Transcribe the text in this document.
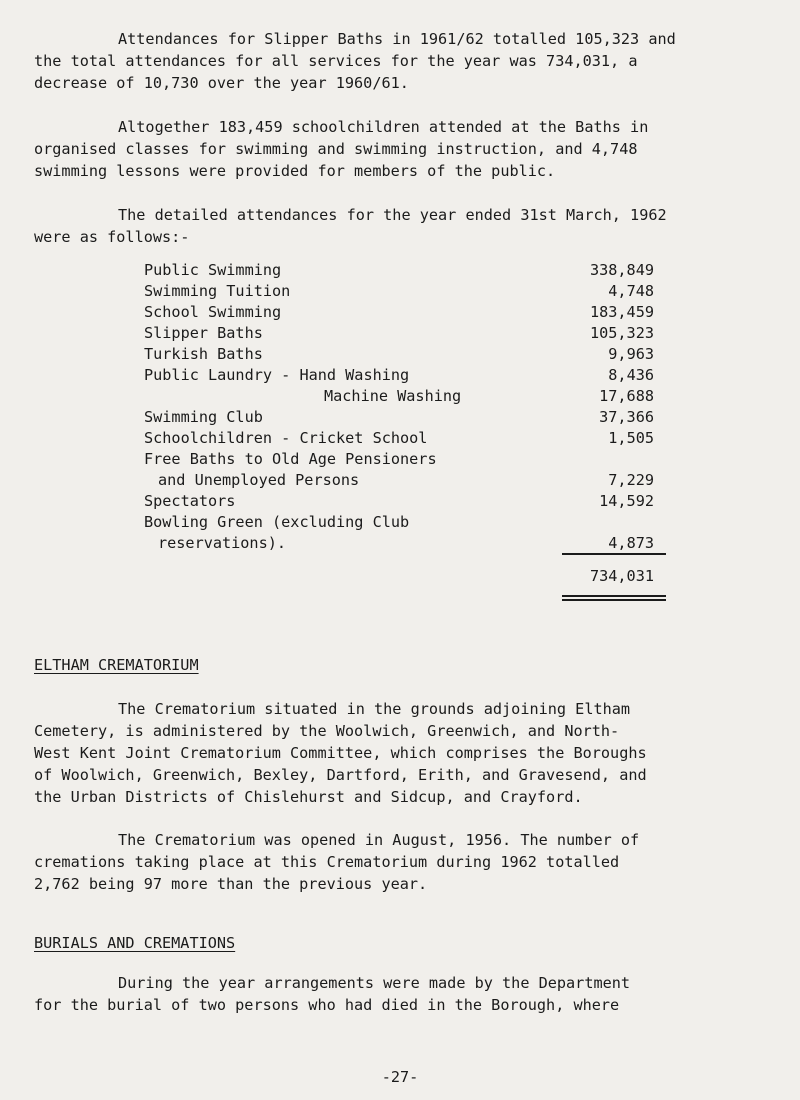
Attendances for Slipper Baths in 1961/62 totalled 105,323 and
the total attendances for all services for the year was 734,031, a
decrease of 10,730 over the year 1960/61.

Altogether 183,459 schoolchildren attended at the Baths in
organised classes for swimming and swimming instruction, and 4,748
swimming lessons were provided for members of the public.

The detailed attendances for the year ended 31st March, 1962
were as follows:-

Public Swimming	338,849
Swimming Tuition	4,748
School Swimming	183,459
Slipper Baths	105,323
Turkish Baths	9,963
Public Laundry - Hand Washing	8,436
Machine Washing	17,688
Swimming Club	37,366
Schoolchildren - Cricket School	1,505
Free Baths to Old Age Pensioners
and Unemployed Persons	7,229
Spectators	14,592
Bowling Green (excluding Club
reservations).	4,873
734,031
ELTHAM CREMATORIUM

The Crematorium situated in the grounds adjoining Eltham
Cemetery, is administered by the Woolwich, Greenwich, and North-
West Kent Joint Crematorium Committee, which comprises the Boroughs
of Woolwich, Greenwich, Bexley, Dartford, Erith, and Gravesend, and
the Urban Districts of Chislehurst and Sidcup, and Crayford.

The Crematorium was opened in August, 1956. The number of
cremations taking place at this Crematorium during 1962 totalled
2,762 being 97 more than the previous year.

BURIALS AND CREMATIONS

During the year arrangements were made by the Department
for the burial of two persons who had died in the Borough, where

-27-
